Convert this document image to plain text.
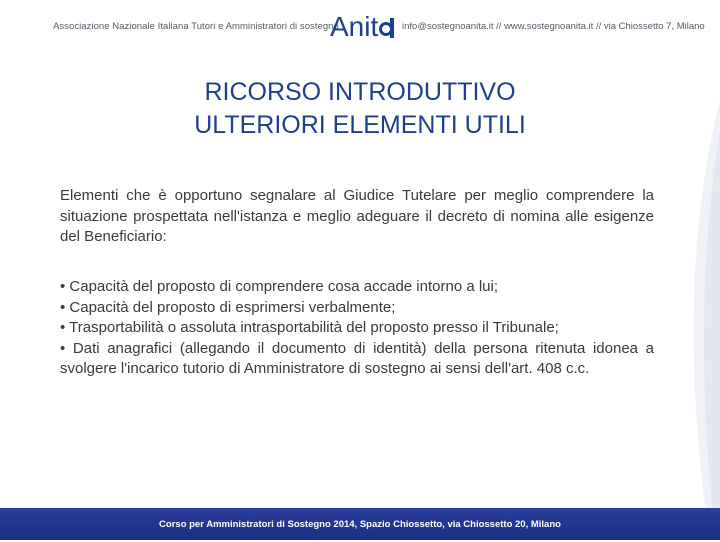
Associazione Nazionale Italiana Tutori e Amministratori di sostegno
Anit	info@sostegnoanita.it // www.sostegnoanita.it // via Chiossetto 7, Milano
RICORSO INTRODUTTIVO
ULTERIORI ELEMENTI UTILI

Elementi che è opportuno segnalare al Giudice Tutelare per meglio comprendere la situazione prospettata nell'istanza e meglio adeguare il decreto di nomina alle esigenze del Beneficiario:

• Capacità del proposto di comprendere cosa accade intorno a lui;
• Capacità del proposto di esprimersi verbalmente;
• Trasportabilità o assoluta intrasportabilità del proposto presso il Tribunale;
• Dati anagrafici (allegando il documento di identità) della persona ritenuta idonea a svolgere l'incarico tutorio di Amministratore di sostegno ai sensi dell'art. 408 c.c.
Corso per Amministratori di Sostegno 2014, Spazio Chiossetto, via Chiossetto 20, Milano
